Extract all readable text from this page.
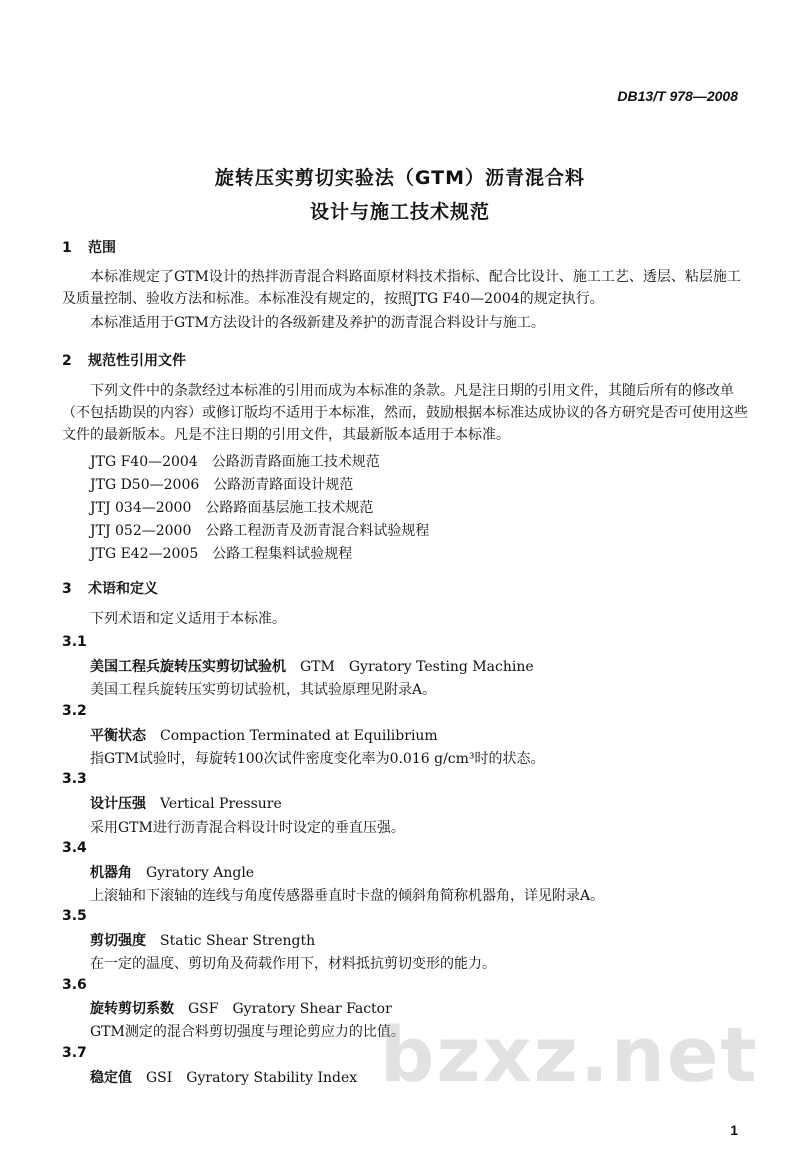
DB13/T 978—2008
旋转压实剪切实验法（GTM）沥青混合料
设计与施工技术规范
1 范围
本标准规定了GTM设计的热拌沥青混合料路面原材料技术指标、配合比设计、施工工艺、透层、粘层施工及质量控制、验收方法和标准。本标准没有规定的，按照JTG F40—2004的规定执行。
本标准适用于GTM方法设计的各级新建及养护的沥青混合料设计与施工。
2 规范性引用文件
下列文件中的条款经过本标准的引用而成为本标准的条款。凡是注日期的引用文件，其随后所有的修改单（不包括勘误的内容）或修订版均不适用于本标准，然而，鼓励根据本标准达成协议的各方研究是否可使用这些文件的最新版本。凡是不注日期的引用文件，其最新版本适用于本标准。
JTG F40—2004　公路沥青路面施工技术规范
JTG D50—2006　公路沥青路面设计规范
JTJ 034—2000　公路路面基层施工技术规范
JTJ 052—2000　公路工程沥青及沥青混合料试验规程
JTG E42—2005　公路工程集料试验规程
3 术语和定义
下列术语和定义适用于本标准。
3.1
美国工程兵旋转压实剪切试验机　 GTM　Gyratory Testing Machine
美国工程兵旋转压实剪切试验机，其试验原理见附录A。
3.2
平衡状态　 Compaction Terminated at Equilibrium
指GTM试验时，每旋转100次试件密度变化率为0.016 g/cm³时的状态。
3.3
设计压强　 Vertical Pressure
采用GTM进行沥青混合料设计时设定的垂直压强。
3.4
机器角　 Gyratory Angle
上滚轴和下滚轴的连线与角度传感器垂直时卡盘的倾斜角简称机器角，详见附录A。
3.5
剪切强度　 Static Shear Strength
在一定的温度、剪切角及荷载作用下，材料抵抗剪切变形的能力。
3.6
旋转剪切系数　 GSF　Gyratory Shear Factor
GTM测定的混合料剪切强度与理论剪应力的比值。
3.7
稳定值　 GSI　Gyratory Stability Index bzxz.net
1
